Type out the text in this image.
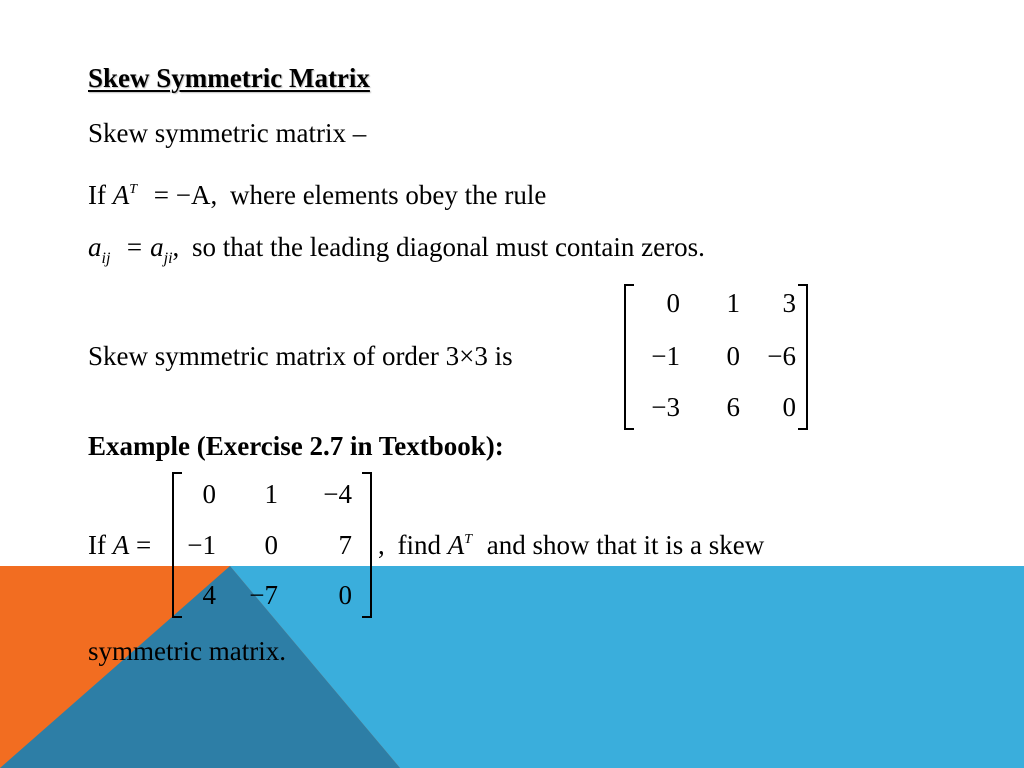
Skew Symmetric Matrix
Skew symmetric matrix –
If $A^T = -A$, where elements obey the rule
$a_{ij} = a_{ji}$, so that the leading diagonal must contain zeros.
Skew symmetric matrix of order 3×3 is
0	1	3
−1	0	−6
−3	6	0
Example (Exercise 2.7 in Textbook):
If A =
0	1	−4
−1	0	7
4	−7	0
, find $A^T$ and show that it is a skew
symmetric matrix.
